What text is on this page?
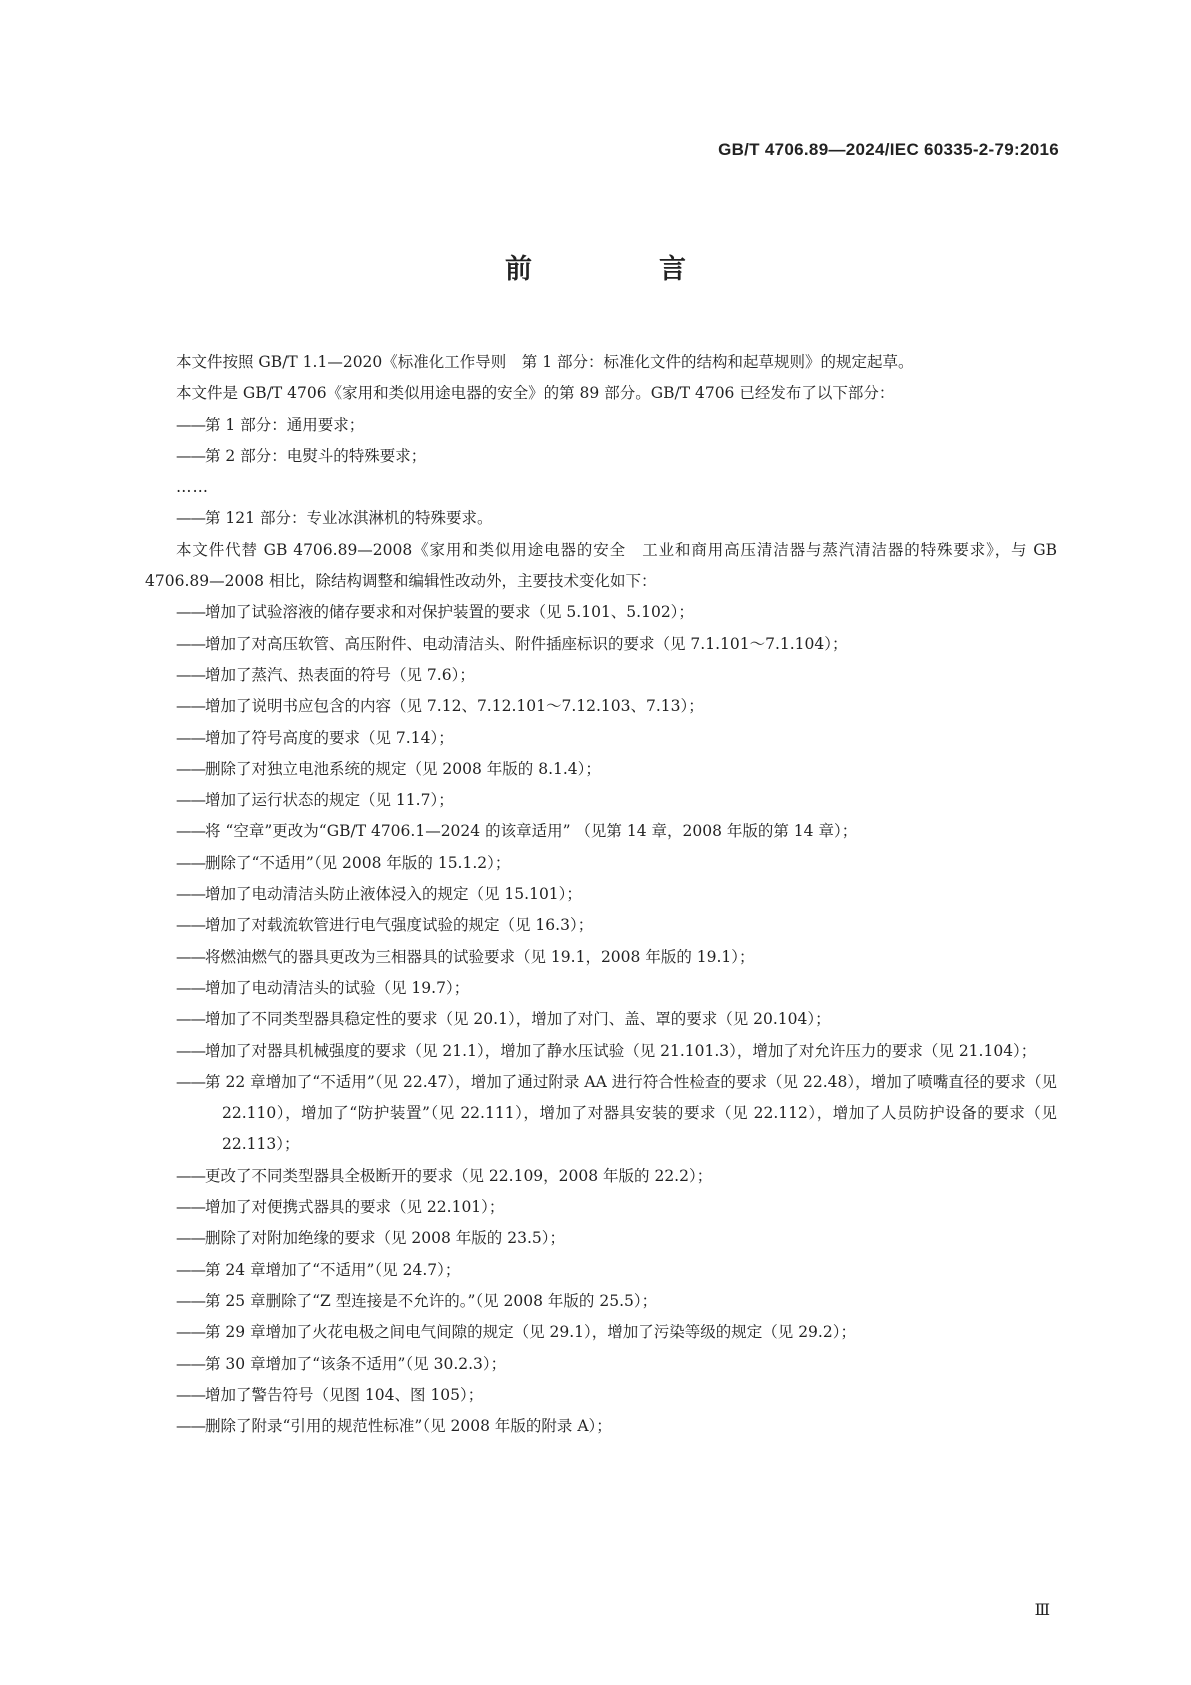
GB/T 4706.89—2024/IEC 60335-2-79:2016
前　言

本文件按照 GB/T 1.1—2020《标准化工作导则　第 1 部分：标准化文件的结构和起草规则》的规定起草。

本文件是 GB/T 4706《家用和类似用途电器的安全》的第 89 部分。GB/T 4706 已经发布了以下部分：

——第 1 部分：通用要求；

——第 2 部分：电熨斗的特殊要求；

……

——第 121 部分：专业冰淇淋机的特殊要求。

本文件代替 GB 4706.89—2008《家用和类似用途电器的安全　工业和商用高压清洁器与蒸汽清洁器的特殊要求》，与 GB 4706.89—2008 相比，除结构调整和编辑性改动外，主要技术变化如下：

——增加了试验溶液的储存要求和对保护装置的要求（见 5.101、5.102）；

——增加了对高压软管、高压附件、电动清洁头、附件插座标识的要求（见 7.1.101～7.1.104）；

——增加了蒸汽、热表面的符号（见 7.6）；

——增加了说明书应包含的内容（见 7.12、7.12.101～7.12.103、7.13）；

——增加了符号高度的要求（见 7.14）；

——删除了对独立电池系统的规定（见 2008 年版的 8.1.4）；

——增加了运行状态的规定（见 11.7）；

——将 “空章”更改为“GB/T 4706.1—2024 的该章适用” （见第 14 章，2008 年版的第 14 章）；

——删除了“不适用”（见 2008 年版的 15.1.2）；

——增加了电动清洁头防止液体浸入的规定（见 15.101）；

——增加了对载流软管进行电气强度试验的规定（见 16.3）；

——将燃油燃气的器具更改为三相器具的试验要求（见 19.1，2008 年版的 19.1）；

——增加了电动清洁头的试验（见 19.7）；

——增加了不同类型器具稳定性的要求（见 20.1），增加了对门、盖、罩的要求（见 20.104）；

——增加了对器具机械强度的要求（见 21.1），增加了静水压试验（见 21.101.3），增加了对允许压力的要求（见 21.104）；

——第 22 章增加了“不适用”（见 22.47），增加了通过附录 AA 进行符合性检查的要求（见 22.48），增加了喷嘴直径的要求（见 22.110），增加了“防护装置”（见 22.111），增加了对器具安装的要求（见 22.112），增加了人员防护设备的要求（见 22.113）；

——更改了不同类型器具全极断开的要求（见 22.109，2008 年版的 22.2）；

——增加了对便携式器具的要求（见 22.101）；

——删除了对附加绝缘的要求（见 2008 年版的 23.5）；

——第 24 章增加了“不适用”（见 24.7）；

——第 25 章删除了“Z 型连接是不允许的。”（见 2008 年版的 25.5）；

——第 29 章增加了火花电极之间电气间隙的规定（见 29.1），增加了污染等级的规定（见 29.2）；

——第 30 章增加了“该条不适用”（见 30.2.3）；

——增加了警告符号（见图 104、图 105）；

——删除了附录“引用的规范性标准”（见 2008 年版的附录 A）；

Ⅲ
